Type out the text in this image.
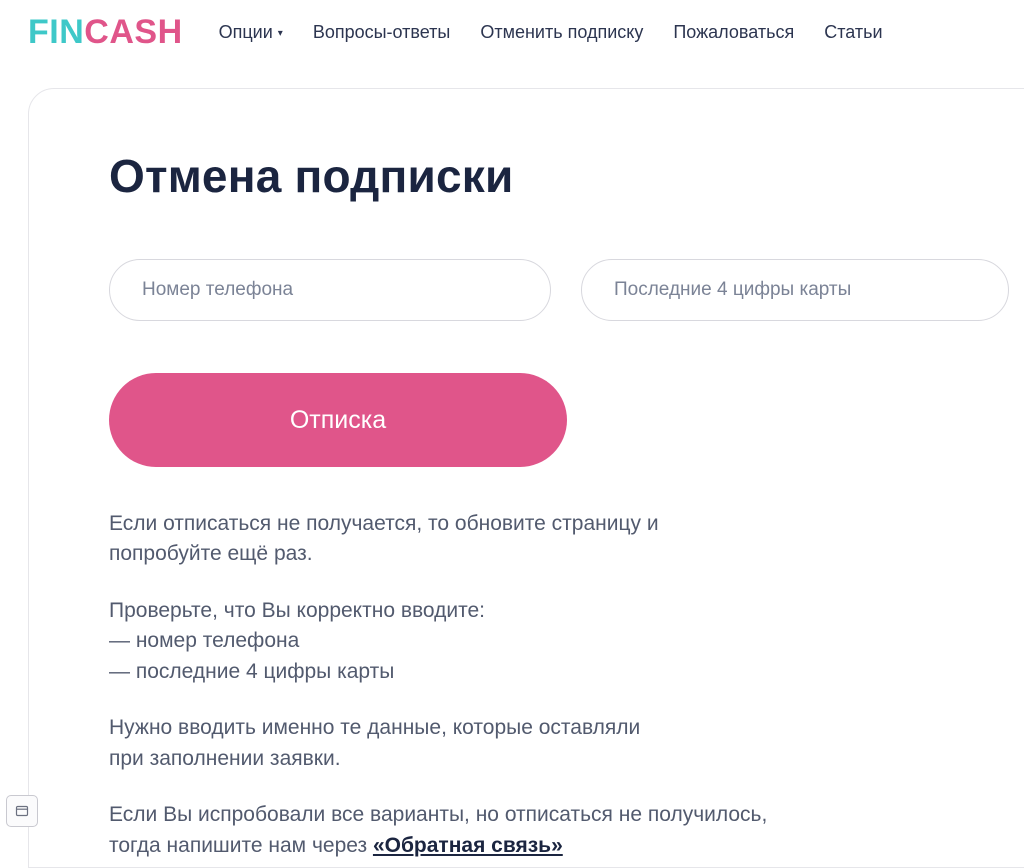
FINCASH Опции ▾ Вопросы-ответы Отменить подписку Пожаловаться Статьи
Отмена подписки
Номер телефона
Последние 4 цифры карты
Отписка

Если отписаться не получается, то обновите страницу и
попробуйте ещё раз.

Проверьте, что Вы корректно вводите:
— номер телефона
— последние 4 цифры карты

Нужно вводить именно те данные, которые оставляли
при заполнении заявки.

Если Вы испробовали все варианты, но отписаться не получилось,
тогда напишите нам через «Обратная связь»
